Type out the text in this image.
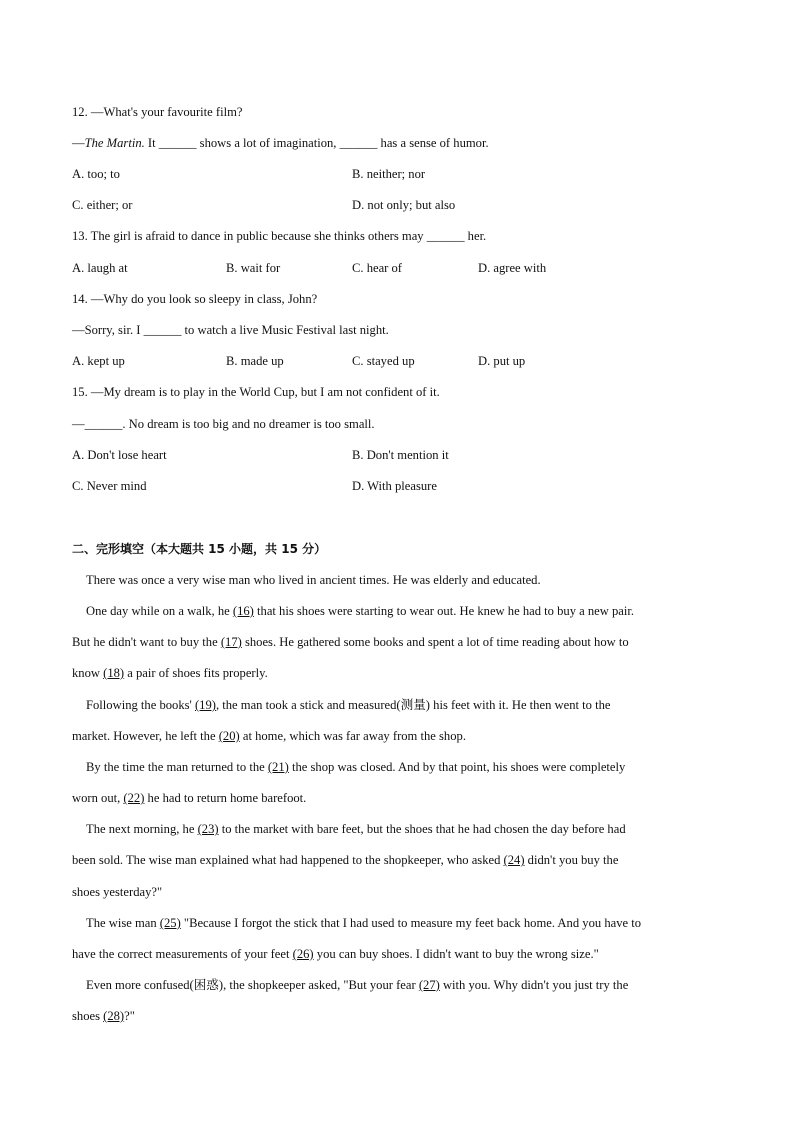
12. —What's your favourite film?
—The Martin. It ______ shows a lot of imagination, ______ has a sense of humor.
A. too; to	B. neither; nor
C. either; or	D. not only; but also
13. The girl is afraid to dance in public because she thinks others may ______ her.
A. laugh at	B. wait for	C. hear of	D. agree with
14. —Why do you look so sleepy in class, John?
—Sorry, sir. I ______ to watch a live Music Festival last night.
A. kept up	B. made up	C. stayed up	D. put up
15. —My dream is to play in the World Cup, but I am not confident of it.
—______. No dream is too big and no dreamer is too small.
A. Don't lose heart	B. Don't mention it
C. Never mind	D. With pleasure
二、完形填空（本大题共 15 小题，共 15 分）
There was once a very wise man who lived in ancient times. He was elderly and educated.
One day while on a walk, he (16) that his shoes were starting to wear out. He knew he had to buy a new pair.
But he didn't want to buy the (17) shoes. He gathered some books and spent a lot of time reading about how to
know (18) a pair of shoes fits properly.
Following the books' (19), the man took a stick and measured(测量) his feet with it. He then went to the
market. However, he left the (20) at home, which was far away from the shop.
By the time the man returned to the (21) the shop was closed. And by that point, his shoes were completely
worn out, (22) he had to return home barefoot.
The next morning, he (23) to the market with bare feet, but the shoes that he had chosen the day before had
been sold. The wise man explained what had happened to the shopkeeper, who asked (24) didn't you buy the
shoes yesterday?"
The wise man (25) "Because I forgot the stick that I had used to measure my feet back home. And you have to
have the correct measurements of your feet (26) you can buy shoes. I didn't want to buy the wrong size."
Even more confused(困惑), the shopkeeper asked, "But your fear (27) with you. Why didn't you just try the
shoes (28)?"
